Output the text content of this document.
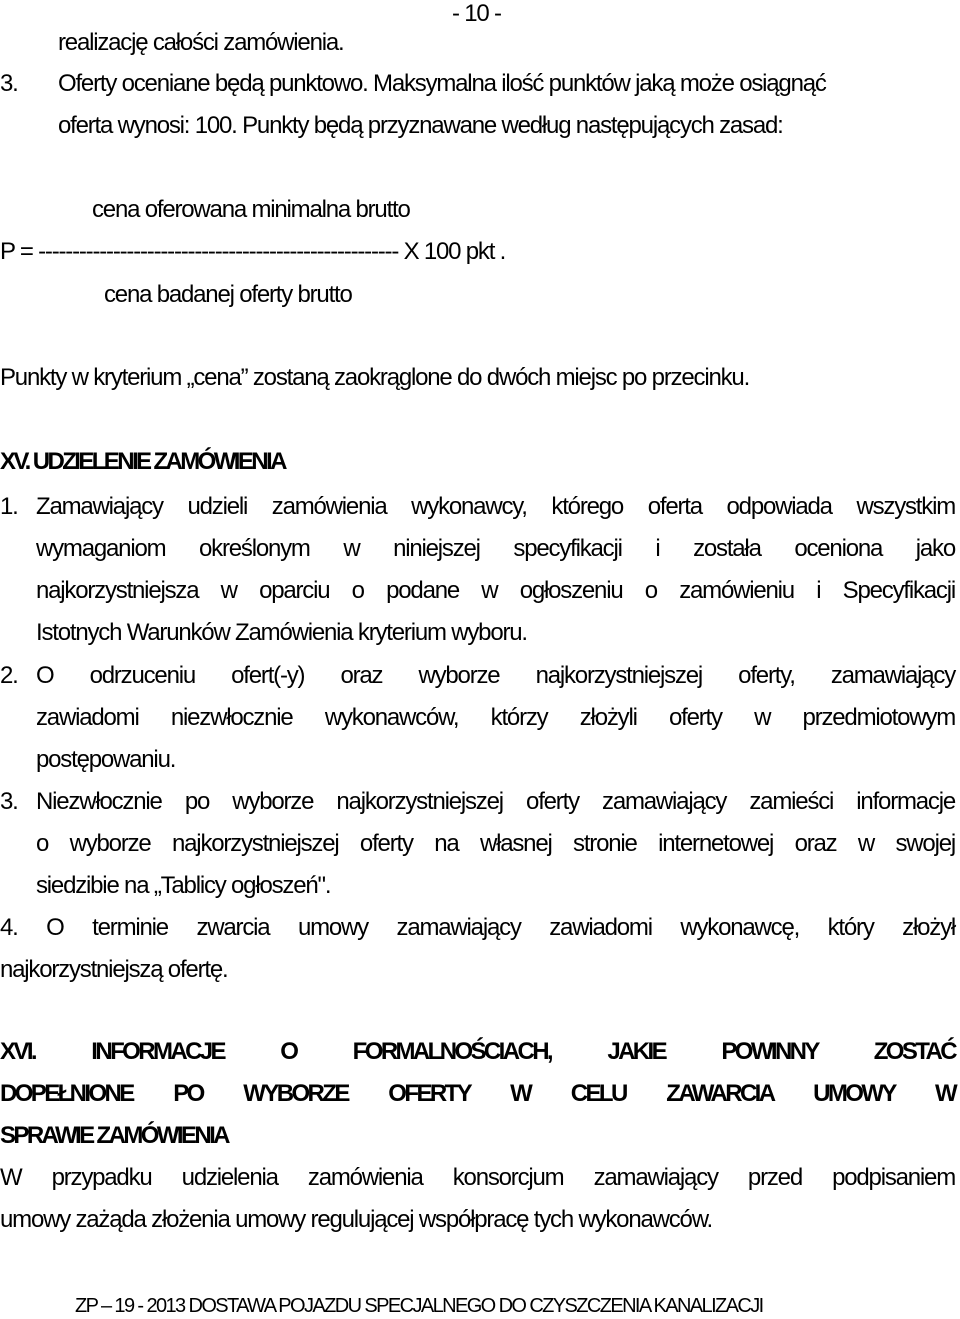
- 10 -
realizację całości zamówienia.
3. Oferty oceniane będą punktowo. Maksymalna ilość punktów jaką może osiągnąć
oferta wynosi: 100. Punkty będą przyznawane według następujących zasad:
cena oferowana minimalna brutto
P = ----------------------------------------------------- X 100 pkt .
cena badanej oferty brutto
Punkty w kryterium „cena” zostaną zaokrąglone do dwóch miejsc po przecinku.
XV. UDZIELENIE ZAMÓWIENIA
1. Zamawiający udzieli zamówienia wykonawcy, którego oferta odpowiada wszystkim
wymaganiom określonym w niniejszej specyfikacji i została oceniona jako
najkorzystniejsza w oparciu o podane w ogłoszeniu o zamówieniu i Specyfikacji
Istotnych Warunków Zamówienia kryterium wyboru.
2. O odrzuceniu ofert(-y) oraz wyborze najkorzystniejszej oferty, zamawiający
zawiadomi niezwłocznie wykonawców, którzy złożyli oferty w przedmiotowym
postępowaniu.
3. Niezwłocznie po wyborze najkorzystniejszej oferty zamawiający zamieści informacje
o wyborze najkorzystniejszej oferty na własnej stronie internetowej oraz w swojej
siedzibie na „Tablicy ogłoszeń".
4. O terminie zwarcia umowy zamawiający zawiadomi wykonawcę, który złożył
najkorzystniejszą ofertę.
XVI. INFORMACJE O FORMALNOŚCIACH, JAKIE POWINNY ZOSTAĆ
DOPEŁNIONE PO WYBORZE OFERTY W CELU ZAWARCIA UMOWY W
SPRAWIE ZAMÓWIENIA
W przypadku udzielenia zamówienia konsorcjum zamawiający przed podpisaniem
umowy zażąda złożenia umowy regulującej współpracę tych wykonawców.
ZP – 19 - 2013 DOSTAWA POJAZDU SPECJALNEGO DO CZYSZCZENIA KANALIZACJI
